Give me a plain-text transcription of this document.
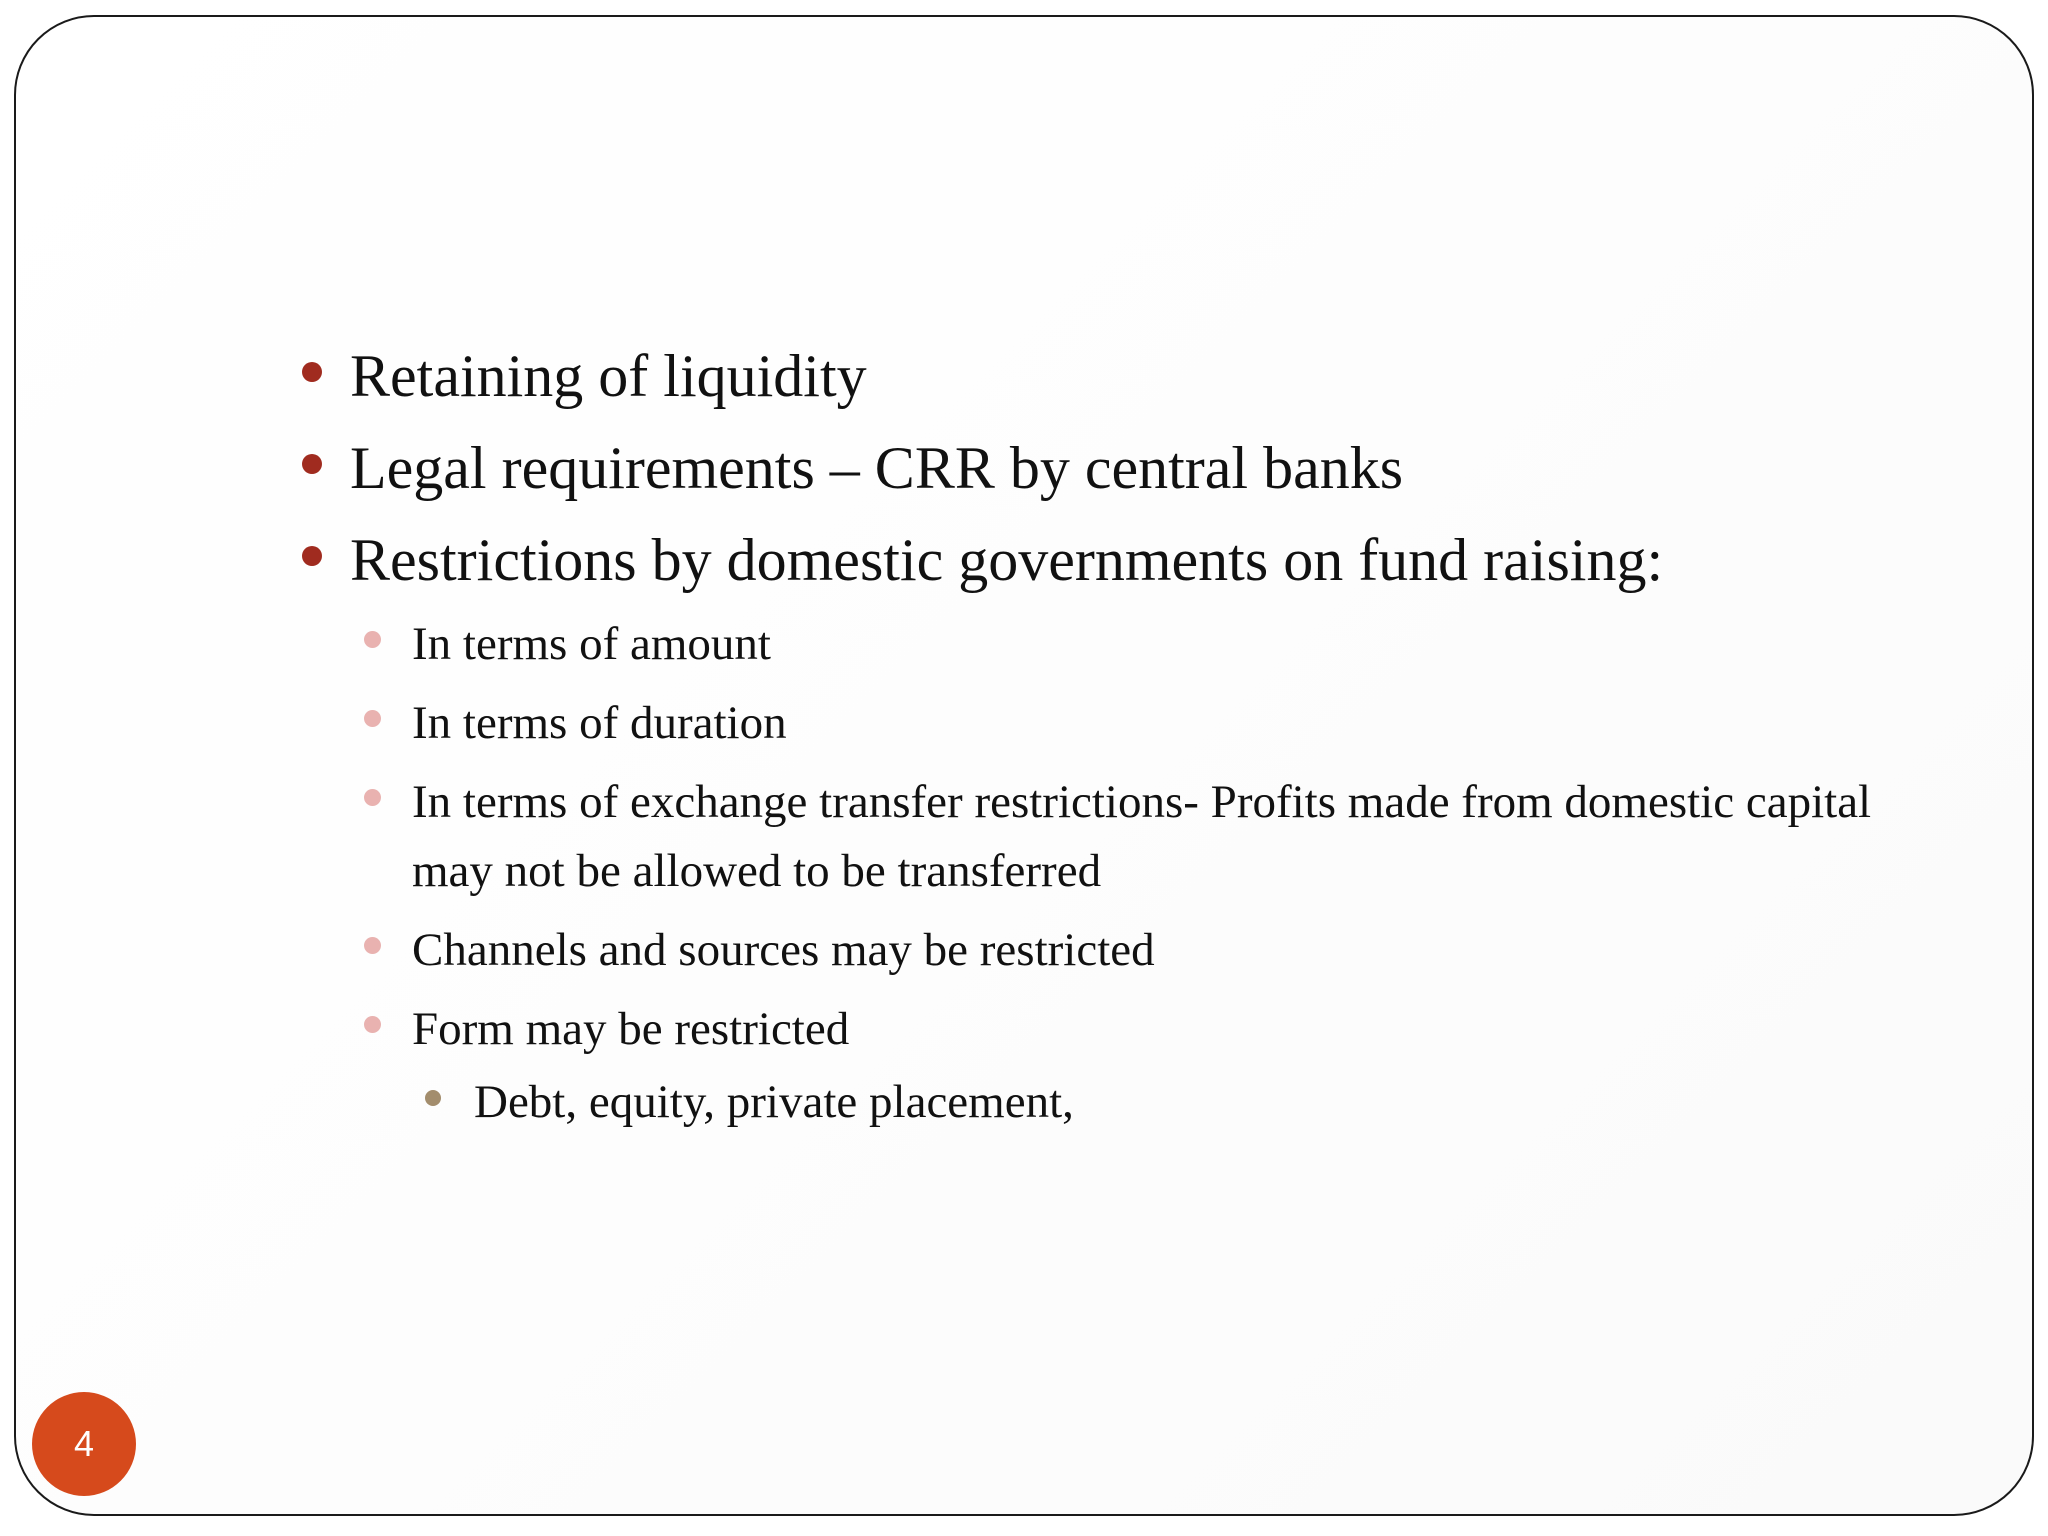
Retaining of liquidity
Legal requirements – CRR by central banks
Restrictions by domestic governments on fund raising:
In terms of amount
In terms of duration
In terms of exchange transfer restrictions- Profits made from domestic capital may not be allowed to be transferred
Channels and sources may be restricted
Form may be restricted
Debt, equity, private placement,
4
